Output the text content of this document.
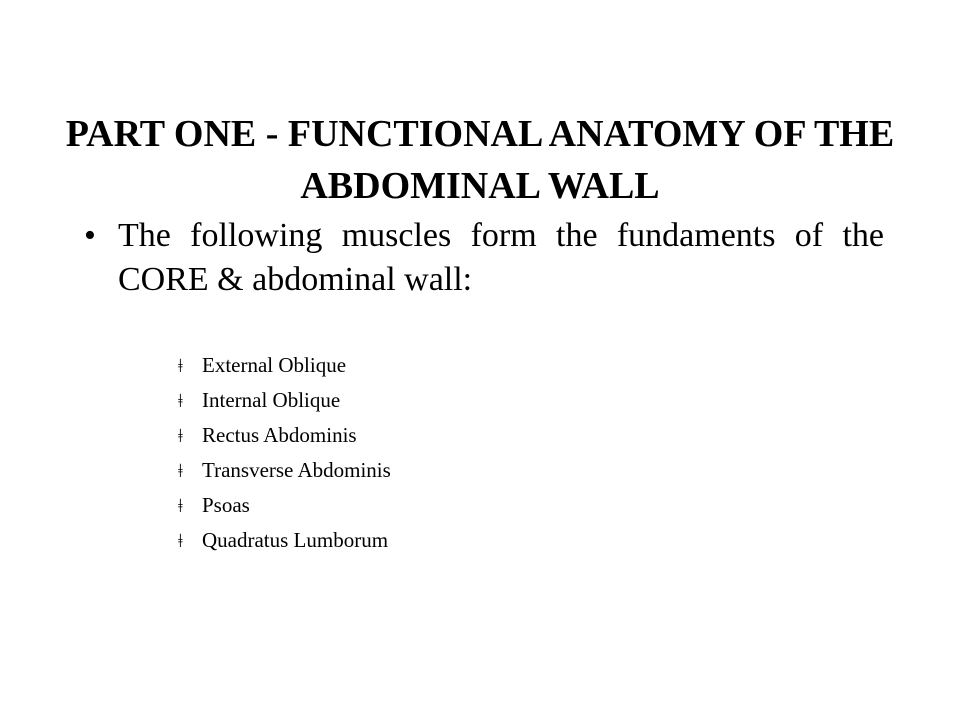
PART ONE - FUNCTIONAL ANATOMY OF THE ABDOMINAL WALL
• The following muscles form the fundaments of the CORE & abdominal wall:
ǂ External Oblique
ǂ Internal Oblique
ǂ Rectus Abdominis
ǂ Transverse Abdominis
ǂ Psoas
ǂ Quadratus Lumborum
